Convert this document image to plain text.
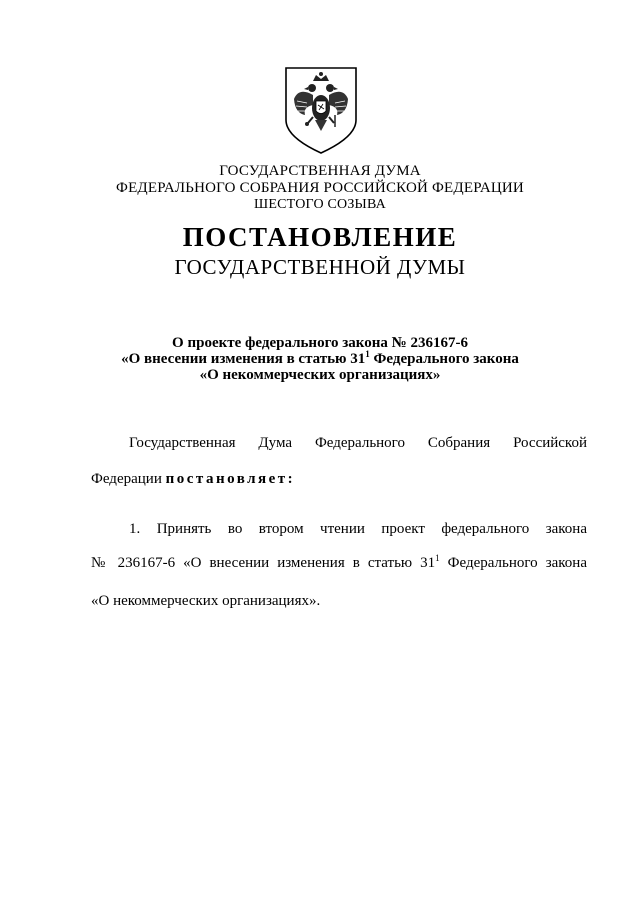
ГОСУДАРСТВЕННАЯ ДУМА
ФЕДЕРАЛЬНОГО СОБРАНИЯ РОССИЙСКОЙ ФЕДЕРАЦИИ
ШЕСТОГО СОЗЫВА
ПОСТАНОВЛЕНИЕ
ГОСУДАРСТВЕННОЙ ДУМЫ
О проекте федерального закона № 236167-6
«О внесении изменения в статью $31^1$ Федерального закона
«О некоммерческих организациях»
Государственная Дума Федерального Собрания Российской
Федерации постановляет:
1. Принять во втором чтении проект федерального закона
№ 236167-6 «О внесении изменения в статью $31^1$ Федерального закона
«О некоммерческих организациях».
